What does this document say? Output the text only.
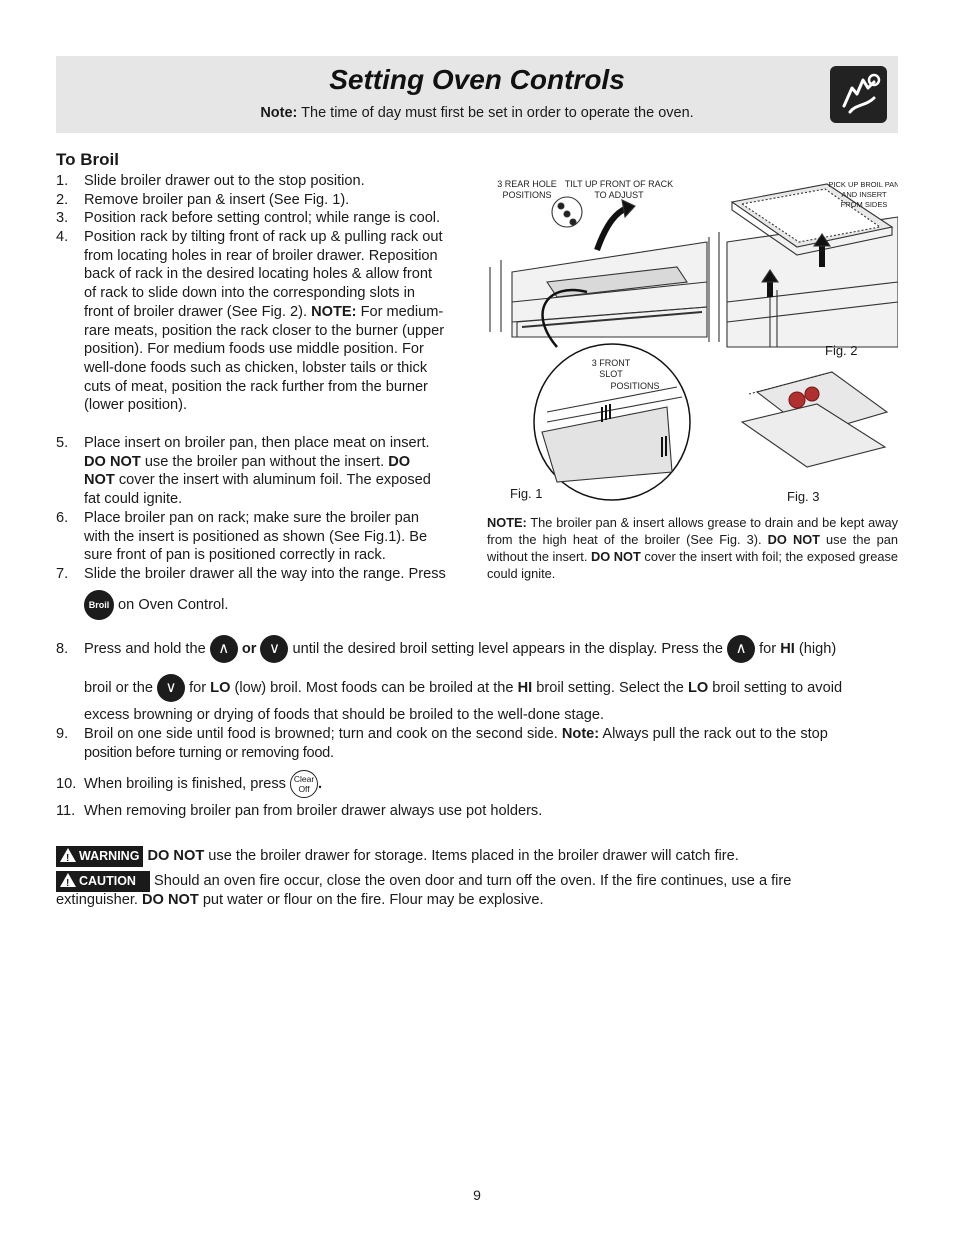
Setting Oven Controls
Note: The time of day must first be set in order to operate the oven.
To Broil
1. Slide broiler drawer out to the stop position.
2. Remove broiler pan & insert (See Fig. 1).
3. Position rack before setting control; while range is cool.
4. Position rack by tilting front of rack up & pulling rack out
from locating holes in rear of broiler drawer. Reposition
back of rack in the desired locating holes & allow front
of rack to slide down into the corresponding slots in
front of broiler drawer (See Fig. 2). NOTE: For medium-
rare meats, position the rack closer to the burner (upper
position). For medium foods use middle position. For
well-done foods such as chicken, lobster tails or thick
cuts of meat, position the rack further from the burner
(lower position).
5. Place insert on broiler pan, then place meat on insert.
DO NOT use the broiler pan without the insert. DO
NOT cover the insert with aluminum foil. The exposed
fat could ignite.
6. Place broiler pan on rack; make sure the broiler pan
with the insert is positioned as shown (See Fig.1). Be
sure front of pan is positioned correctly in rack.
7. Slide the broiler drawer all the way into the range. Press
Broil on Oven Control.
8. Press and hold the ∧ or ∨ until the desired broil setting level appears in the display. Press the ∧ for HI (high)
broil or the ∨ for LO (low) broil. Most foods can be broiled at the HI broil setting. Select the LO broil setting to avoid
excess browning or drying of foods that should be broiled to the well-done stage.
9. Broil on one side until food is browned; turn and cook on the second side. Note: Always pull the rack out to the stop
position before turning or removing food.
10. When broiling is finished, press Clear
Off .
11. When removing broiler pan from broiler drawer always use pot holders.
! WARNING DO NOT use the broiler drawer for storage. Items placed in the broiler drawer will catch fire.
! CAUTION Should an oven fire occur, close the oven door and turn off the oven. If the fire continues, use a fire
extinguisher. DO NOT put water or flour on the fire. Flour may be explosive.
3 REAR HOLE
POSITIONS
TILT UP FRONT OF RACK
TO ADJUST
PICK UP BROIL PAN
AND INSERT
FROM SIDES
3 FRONT
SLOT
POSITIONS
Fig. 2
Fig. 1	Fig. 3
NOTE: The broiler pan & insert allows grease to drain and be kept away from the high heat of the broiler (See Fig. 3). DO NOT use the pan without the insert. DO NOT cover the insert with foil; the exposed grease could ignite.
9
